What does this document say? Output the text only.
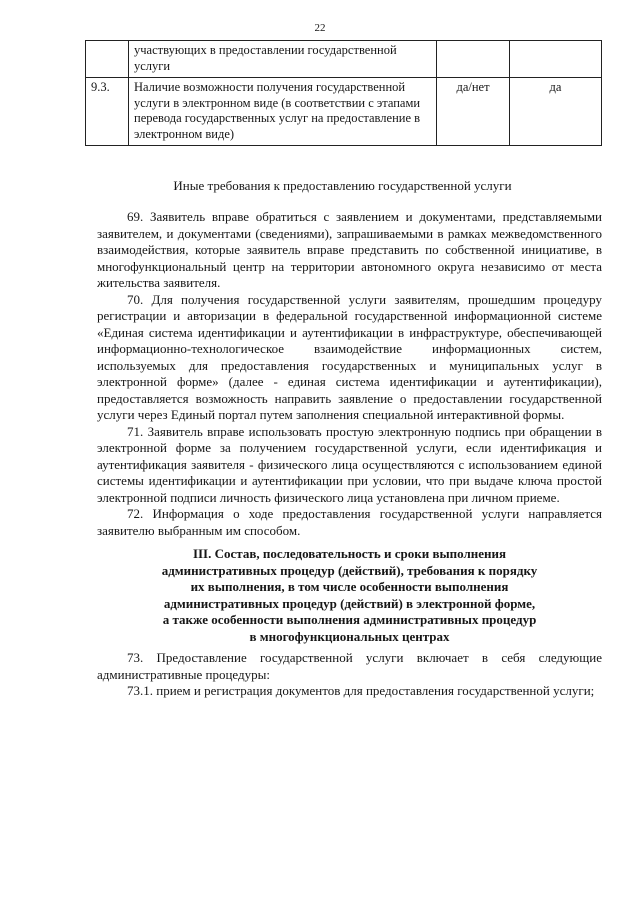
22
	участвующих в предоставлении государственной услуги		
9.3.	Наличие возможности получения государственной услуги в электронном виде (в соответствии с этапами перевода государственных услуг на предоставление в электронном виде)	да/нет	да
Иные требования к предоставлению государственной услуги

69. Заявитель вправе обратиться с заявлением и документами, представляемыми заявителем, и документами (сведениями), запрашиваемыми в рамках межведомственного взаимодействия, которые заявитель вправе представить по собственной инициативе, в многофункциональный центр на территории автономного округа независимо от места жительства заявителя.

70. Для получения государственной услуги заявителям, прошедшим процедуру регистрации и авторизации в федеральной государственной информационной системе «Единая система идентификации и аутентификации в инфраструктуре, обеспечивающей информационно-технологическое взаимодействие информационных систем, используемых для предоставления государственных и муниципальных услуг в электронной форме» (далее - единая система идентификации и аутентификации), предоставляется возможность направить заявление о предоставлении государственной услуги через Единый портал путем заполнения специальной интерактивной формы.

71. Заявитель вправе использовать простую электронную подпись при обращении в электронной форме за получением государственной услуги, если идентификация и аутентификация заявителя - физического лица осуществляются с использованием единой системы идентификации и аутентификации при условии, что при выдаче ключа простой электронной подписи личность физического лица установлена при личном приеме.

72. Информация о ходе предоставления государственной услуги направляется заявителю выбранным им способом.

III. Состав, последовательность и сроки выполнения
административных процедур (действий), требования к порядку
их выполнения, в том числе особенности выполнения
административных процедур (действий) в электронной форме,
а также особенности выполнения административных процедур
в многофункциональных центрах

73. Предоставление государственной услуги включает в себя следующие административные процедуры:

73.1. прием и регистрация документов для предоставления государственной услуги;
